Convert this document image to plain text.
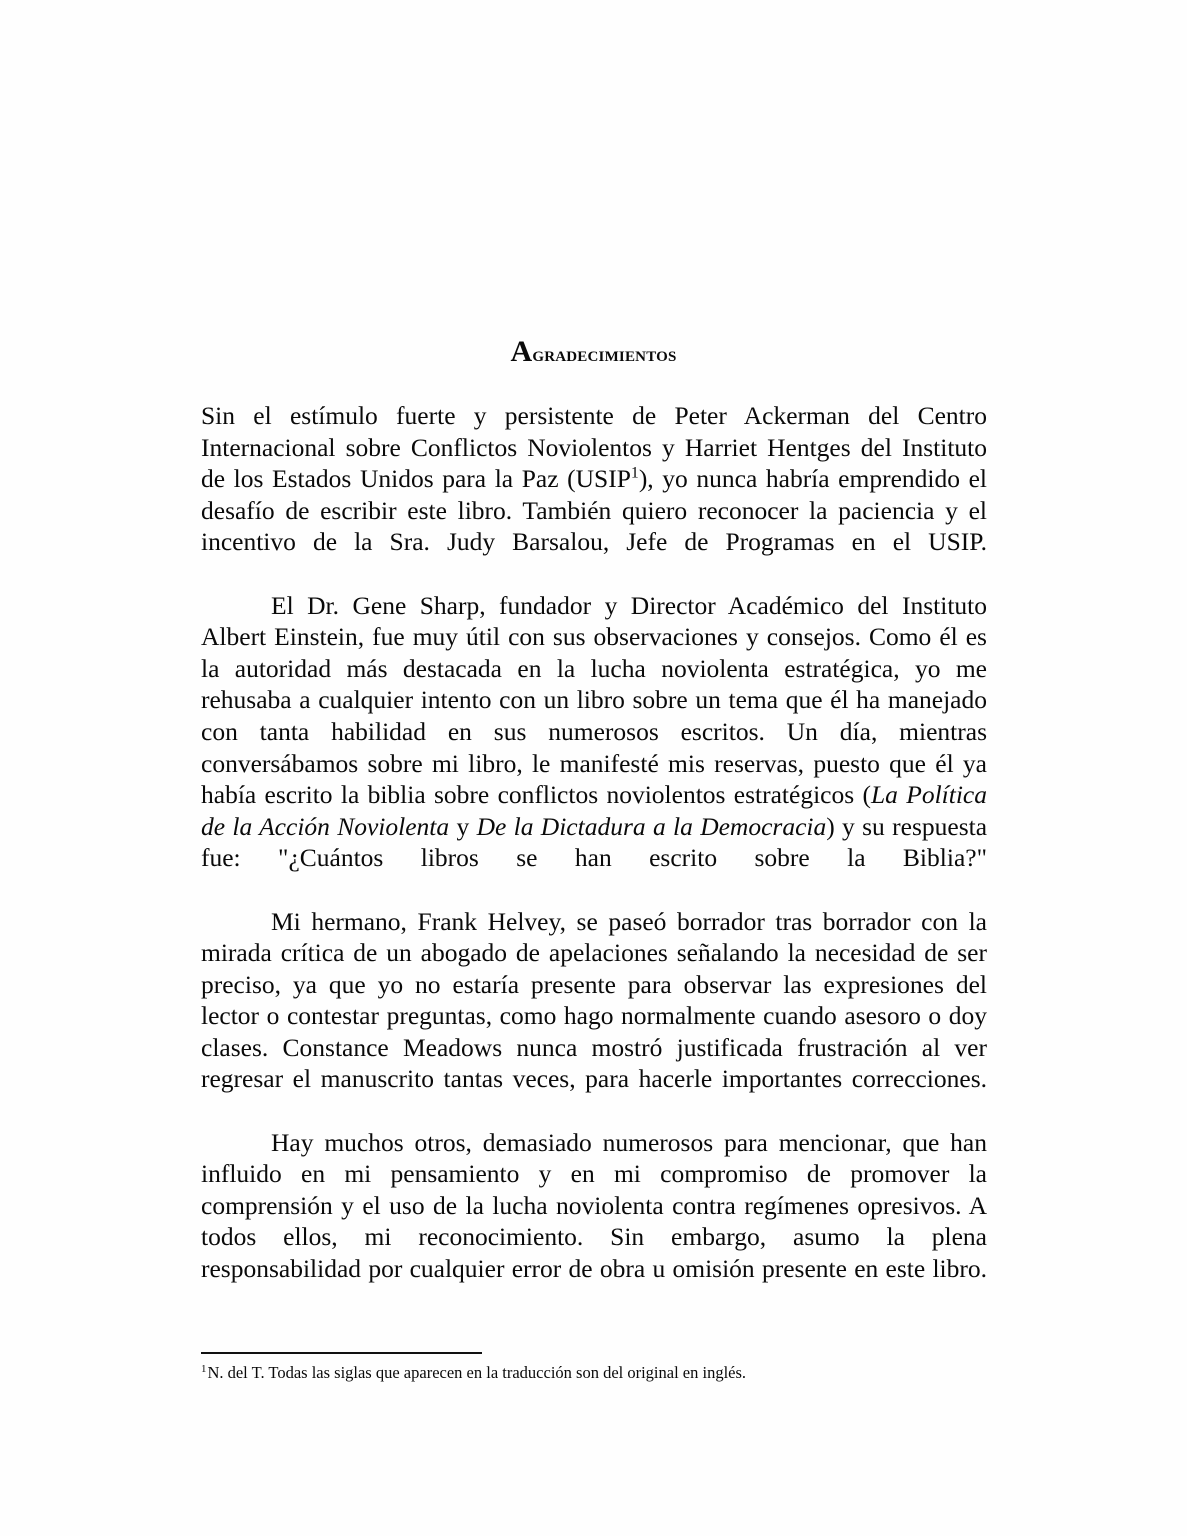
Agradecimientos

Sin el estímulo fuerte y persistente de Peter Ackerman del Centro Internacional sobre Conflictos Noviolentos y Harriet Hentges del Instituto de los Estados Unidos para la Paz (USIP$^1$), yo nunca habría emprendido el desafío de escribir este libro. También quiero reconocer la paciencia y el incentivo de la Sra. Judy Barsalou, Jefe de Programas en el USIP.

El Dr. Gene Sharp, fundador y Director Académico del Instituto Albert Einstein, fue muy útil con sus observaciones y consejos. Como él es la autoridad más destacada en la lucha noviolenta estratégica, yo me rehusaba a cualquier intento con un libro sobre un tema que él ha manejado con tanta habilidad en sus numerosos escritos. Un día, mientras conversábamos sobre mi libro, le manifesté mis reservas, puesto que él ya había escrito la biblia sobre conflictos noviolentos estratégicos (La Política de la Acción Noviolenta y De la Dictadura a la Democracia) y su respuesta fue: "¿Cuántos libros se han escrito sobre la Biblia?"

Mi hermano, Frank Helvey, se paseó borrador tras borrador con la mirada crítica de un abogado de apelaciones señalando la necesidad de ser preciso, ya que yo no estaría presente para observar las expresiones del lector o contestar preguntas, como hago normalmente cuando asesoro o doy clases. Constance Meadows nunca mostró justificada frustración al ver regresar el manuscrito tantas veces, para hacerle importantes correcciones.

Hay muchos otros, demasiado numerosos para mencionar, que han influido en mi pensamiento y en mi compromiso de promover la comprensión y el uso de la lucha noviolenta contra regímenes opresivos. A todos ellos, mi reconocimiento. Sin embargo, asumo la plena responsabilidad por cualquier error de obra u omisión presente en este libro.

$^1$N. del T. Todas las siglas que aparecen en la traducción son del original en inglés.
